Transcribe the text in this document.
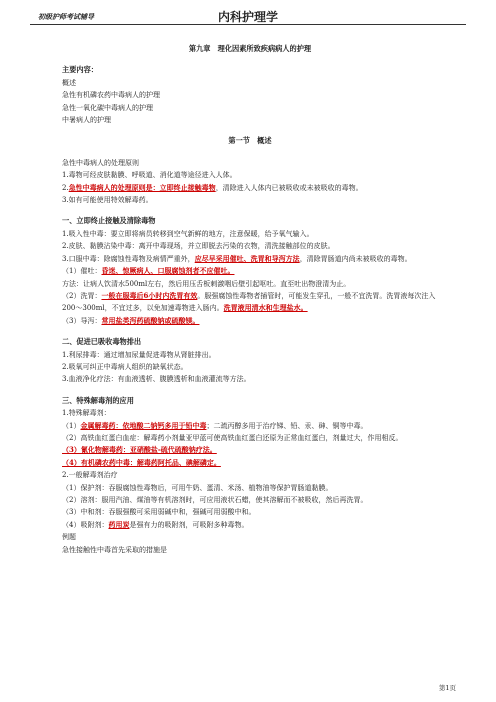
初级护师考试辅导	内科护理学

第九章　理化因素所致疾病病人的护理

主要内容：

概述

急性有机磷农药中毒病人的护理

急性一氧化碳中毒病人的护理

中暑病人的护理

第一节　概述

急性中毒病人的处理原则

1.毒物可经皮肤黏膜、呼吸道、消化道等途径进入人体。

2.急性中毒病人的处理原则是：立即终止接触毒物，清除进入人体内已被吸收或未被吸收的毒物。

3.如有可能使用特效解毒药。

一、立即终止接触及清除毒物

1.吸入性中毒：要立即将病员转移到空气新鲜的地方，注意保暖，给予氧气输入。

2.皮肤、黏膜沾染中毒：离开中毒现场，并立即脱去污染的衣物，清洗接触部位的皮肤。

3.口服中毒：除腐蚀性毒物及病情严重外，应尽早采用催吐、洗胃和导泻方法，清除胃肠道内尚未被吸收的毒物。

（1）催吐：昏迷、惊厥病人、口服腐蚀剂者不应催吐。

方法：让病人饮清水500ml左右，然后用压舌板刺激咽后壁引起呕吐。直至吐出物澄清为止。

（2）洗胃：一般在服毒后6小时内洗胃有效。服强腐蚀性毒物者插管时，可能发生穿孔，一般不宜洗胃。洗胃液每次注入200～300ml，不宜过多，以免加速毒物进入肠内。洗胃液用清水和生理盐水。

（3）导泻：常用盐类泻药硫酸钠或硫酸镁。

二、促进已吸收毒物排出

1.利尿排毒：通过增加尿量促进毒物从肾脏排出。

2.吸氧可纠正中毒病人组织的缺氧状态。

3.血液净化疗法：有血液透析、腹膜透析和血液灌流等方法。

三、特殊解毒剂的应用

1.特殊解毒剂：

（1）金属解毒药：依地酸二钠钙多用于铅中毒；二巯丙醇多用于治疗锑、铅、汞、砷、铜等中毒。

（2）高铁血红蛋白血症：解毒药小剂量亚甲蓝可使高铁血红蛋白还原为正常血红蛋白，剂量过大，作用相反。

（3）氰化物解毒药：亚硝酸盐-硫代硫酸钠疗法。

（4）有机磷农药中毒：解毒药阿托品、碘解磷定。

2.一般解毒剂治疗

（1）保护剂：吞服腐蚀性毒物后，可用牛奶、蛋清、米汤、植物油等保护胃肠道黏膜。

（2）溶剂：服用汽油、煤油等有机溶剂时，可应用液状石蜡，使其溶解而不被吸收，然后再洗胃。

（3）中和剂：吞服强酸可采用弱碱中和，强碱可用弱酸中和。

（4）吸附剂：药用炭是强有力的吸附剂，可吸附多种毒物。

例题

急性接触性中毒首先采取的措施是

第1页
